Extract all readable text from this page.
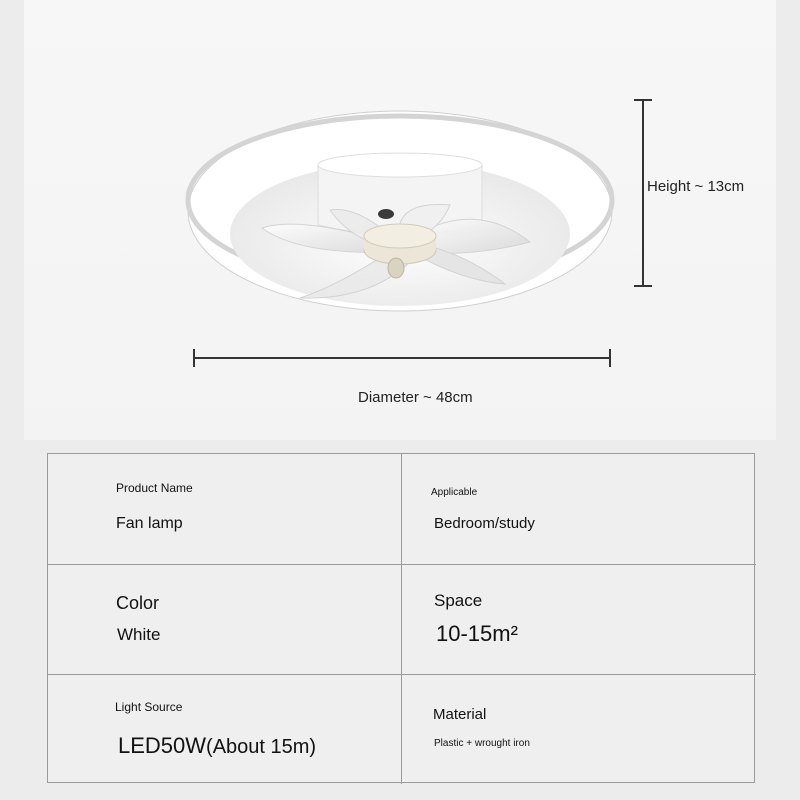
Height ~ 13cm
Diameter ~ 48cm
Product Name
Fan lamp
Applicable
Bedroom/study
Color
White
Space
10-15m²
Light Source
LED50W(About 15m)
Material
Plastic + wrought iron
